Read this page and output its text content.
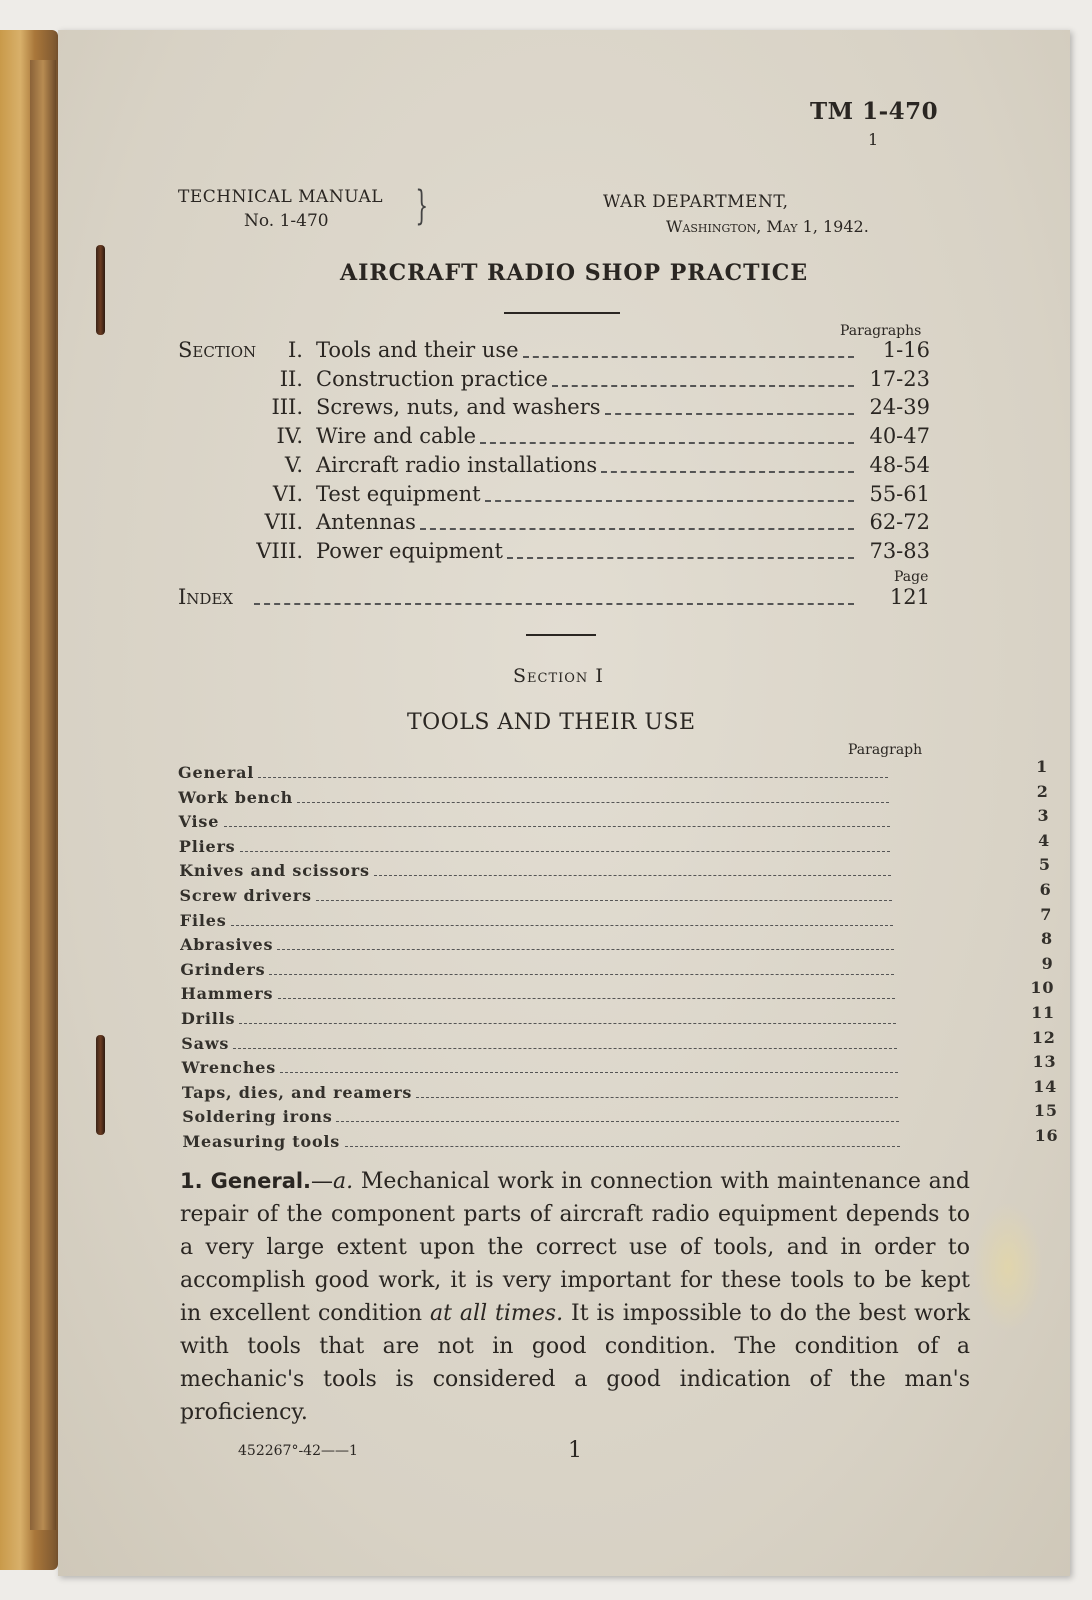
TM 1-470
1
TECHNICAL MANUAL
No. 1-470 }	WAR DEPARTMENT,
Washington, May 1, 1942.
AIRCRAFT RADIO SHOP PRACTICE
Paragraphs
Section	I. Tools and their use	1-16
II. Construction practice	17-23
III. Screws, nuts, and washers	24-39
IV. Wire and cable	40-47
V. Aircraft radio installations	48-54
VI. Test equipment	55-61
VII. Antennas	62-72
VIII. Power equipment	73-83
Page
Index	121
Section I
TOOLS AND THEIR USE
Paragraph
General	1
Work bench	2
Vise	3
Pliers	4
Knives and scissors	5
Screw drivers	6
Files	7
Abrasives	8
Grinders	9
Hammers	10
Drills	11
Saws	12
Wrenches	13
Taps, dies, and reamers	14
Soldering irons	15
Measuring tools	16
1. General.—a. Mechanical work in connection with maintenance and repair of the component parts of aircraft radio equipment depends to a very large extent upon the correct use of tools, and in order to accomplish good work, it is very important for these tools to be kept in excellent condition at all times. It is impossible to do the best work with tools that are not in good condition. The condition of a mechanic's tools is considered a good indication of the man's proficiency.
452267°-42——1	1
